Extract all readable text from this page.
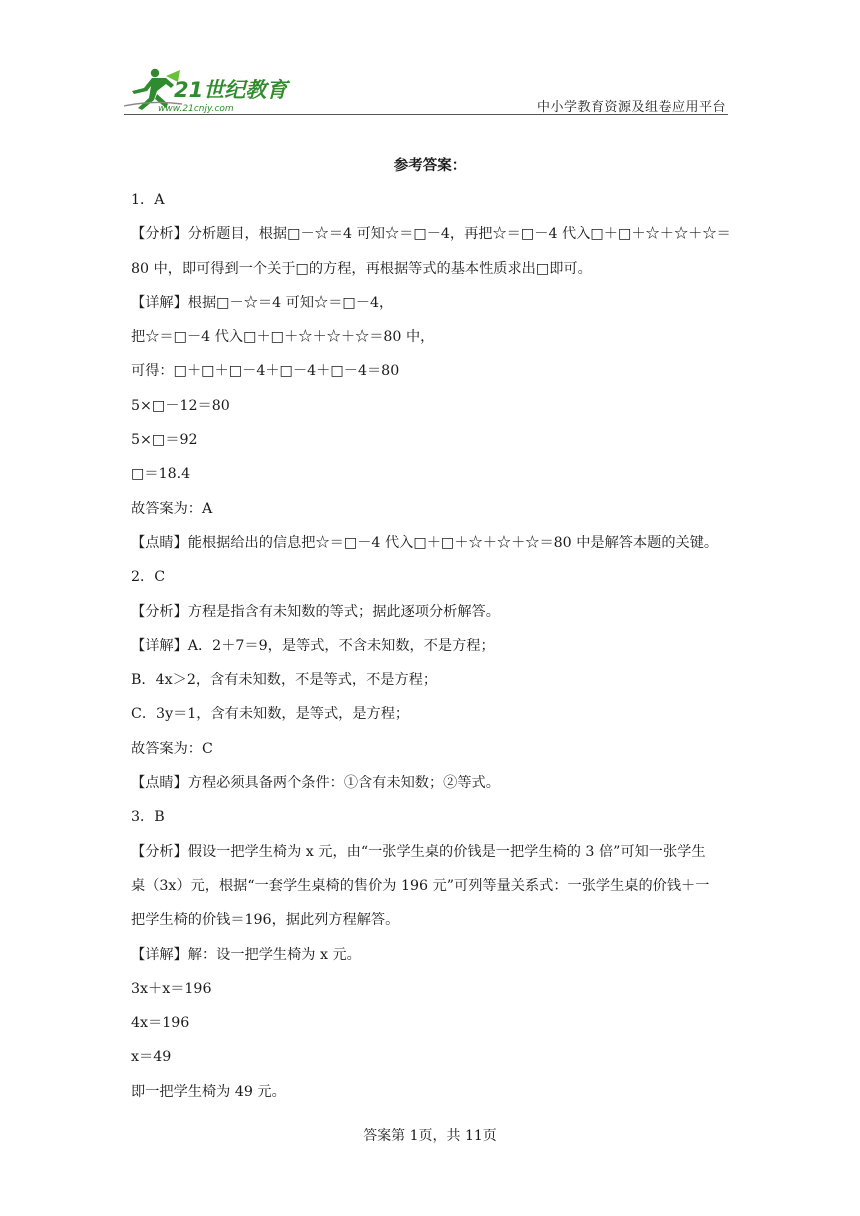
21世纪教育
www.21cnjy.com	中小学教育资源及组卷应用平台
参考答案：
1．A
【分析】分析题目，根据□－☆＝4 可知☆＝□－4，再把☆＝□－4 代入□＋□＋☆＋☆＋☆＝
80 中，即可得到一个关于□的方程，再根据等式的基本性质求出□即可。
【详解】根据□－☆＝4 可知☆＝□－4，
把☆＝□－4 代入□＋□＋☆＋☆＋☆＝80 中，
可得：□＋□＋□－4＋□－4＋□－4＝80
5×□－12＝80
5×□＝92
□＝18.4
故答案为：A
【点睛】能根据给出的信息把☆＝□－4 代入□＋□＋☆＋☆＋☆＝80 中是解答本题的关键。
2．C
【分析】方程是指含有未知数的等式；据此逐项分析解答。
【详解】A．2＋7＝9，是等式，不含未知数，不是方程；
B．4x＞2，含有未知数，不是等式，不是方程；
C．3y＝1，含有未知数，是等式，是方程；
故答案为：C
【点睛】方程必须具备两个条件：①含有未知数；②等式。
3．B
【分析】假设一把学生椅为 x 元，由“一张学生桌的价钱是一把学生椅的 3 倍”可知一张学生
桌（3x）元，根据“一套学生桌椅的售价为 196 元”可列等量关系式：一张学生桌的价钱＋一
把学生椅的价钱＝196，据此列方程解答。
【详解】解：设一把学生椅为 x 元。
3x＋x＝196
4x＝196
x＝49
即一把学生椅为 49 元。
答案第 1页，共 11页
